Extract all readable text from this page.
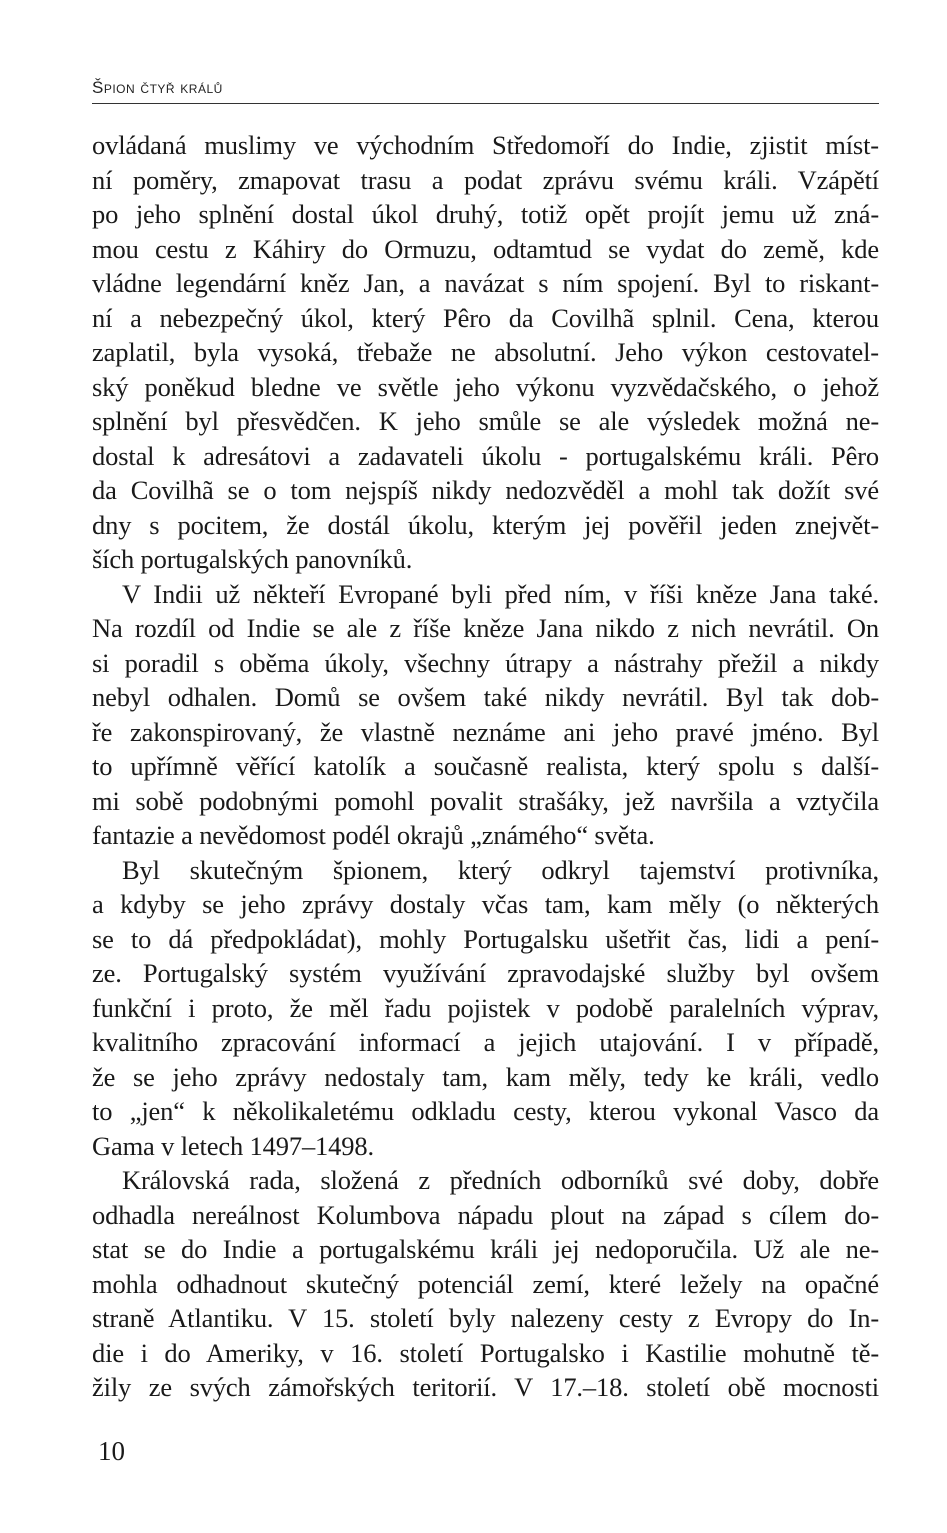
Špion čtyř králů
ovládaná muslimy ve východním Středomoří do Indie, zjistit míst-
ní poměry, zmapovat trasu a podat zprávu svému králi. Vzápětí
po jeho splnění dostal úkol druhý, totiž opět projít jemu už zná-
mou cestu z Káhiry do Ormuzu, odtamtud se vydat do země, kde
vládne legendární kněz Jan, a navázat s ním spojení. Byl to riskant-
ní a nebezpečný úkol, který Pêro da Covilhã splnil. Cena, kterou
zaplatil, byla vysoká, třebaže ne absolutní. Jeho výkon cestovatel-
ský poněkud bledne ve světle jeho výkonu vyzvědačského, o jehož
splnění byl přesvědčen. K jeho smůle se ale výsledek možná ne-
dostal k adresátovi a zadavateli úkolu - portugalskému králi. Pêro
da Covilhã se o tom nejspíš nikdy nedozvěděl a mohl tak dožít své
dny s pocitem, že dostál úkolu, kterým jej pověřil jeden znejvět-
ších portugalských panovníků.
V Indii už někteří Evropané byli před ním, v říši kněze Jana také.
Na rozdíl od Indie se ale z říše kněze Jana nikdo z nich nevrátil. On
si poradil s oběma úkoly, všechny útrapy a nástrahy přežil a nikdy
nebyl odhalen. Domů se ovšem také nikdy nevrátil. Byl tak dob-
ře zakonspirovaný, že vlastně neznáme ani jeho pravé jméno. Byl
to upřímně věřící katolík a současně realista, který spolu s další-
mi sobě podobnými pomohl povalit strašáky, jež navršila a vztyčila
fantazie a nevědomost podél okrajů „známého“ světa.
Byl skutečným špionem, který odkryl tajemství protivníka,
a kdyby se jeho zprávy dostaly včas tam, kam měly (o některých
se to dá předpokládat), mohly Portugalsku ušetřit čas, lidi a pení-
ze. Portugalský systém využívání zpravodajské služby byl ovšem
funkční i proto, že měl řadu pojistek v podobě paralelních výprav,
kvalitního zpracování informací a jejich utajování. I v případě,
že se jeho zprávy nedostaly tam, kam měly, tedy ke králi, vedlo
to „jen“ k několikaletému odkladu cesty, kterou vykonal Vasco da
Gama v letech 1497–1498.
Královská rada, složená z předních odborníků své doby, dobře
odhadla nereálnost Kolumbova nápadu plout na západ s cílem do-
stat se do Indie a portugalskému králi jej nedoporučila. Už ale ne-
mohla odhadnout skutečný potenciál zemí, které ležely na opačné
straně Atlantiku. V 15. století byly nalezeny cesty z Evropy do In-
die i do Ameriky, v 16. století Portugalsko i Kastilie mohutně tě-
žily ze svých zámořských teritorií. V 17.–18. století obě mocnosti
10
